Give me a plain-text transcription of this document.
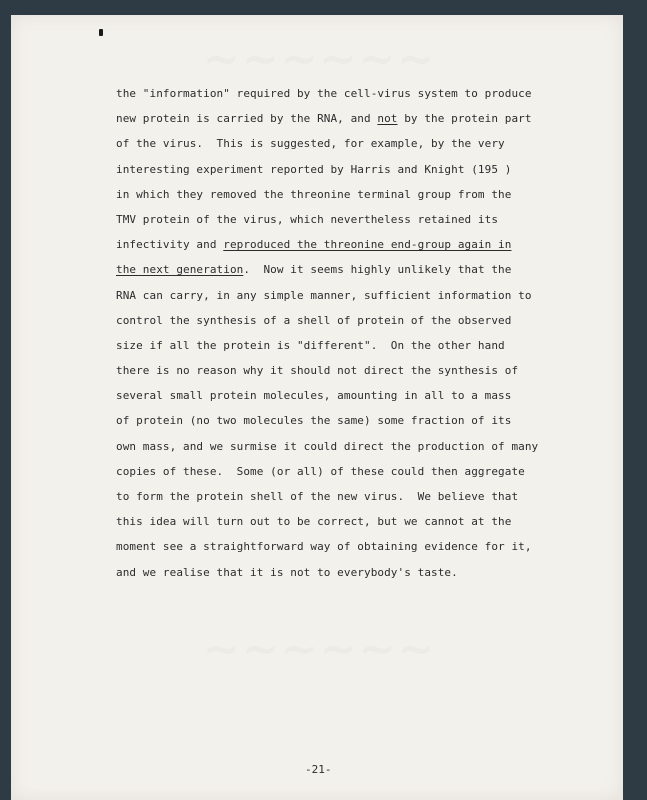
~~~~~~
~~~~~~
the "information" required by the cell-virus system to produce
new protein is carried by the RNA, and not by the protein part
of the virus.  This is suggested, for example, by the very
interesting experiment reported by Harris and Knight (195 )
in which they removed the threonine terminal group from the
TMV protein of the virus, which nevertheless retained its
infectivity and reproduced the threonine end-group again in
the next generation.  Now it seems highly unlikely that the
RNA can carry, in any simple manner, sufficient information to
control the synthesis of a shell of protein of the observed
size if all the protein is "different".  On the other hand
there is no reason why it should not direct the synthesis of
several small protein molecules, amounting in all to a mass
of protein (no two molecules the same) some fraction of its
own mass, and we surmise it could direct the production of many
copies of these.  Some (or all) of these could then aggregate
to form the protein shell of the new virus.  We believe that
this idea will turn out to be correct, but we cannot at the
moment see a straightforward way of obtaining evidence for it,
and we realise that it is not to everybody's taste.
-21-
